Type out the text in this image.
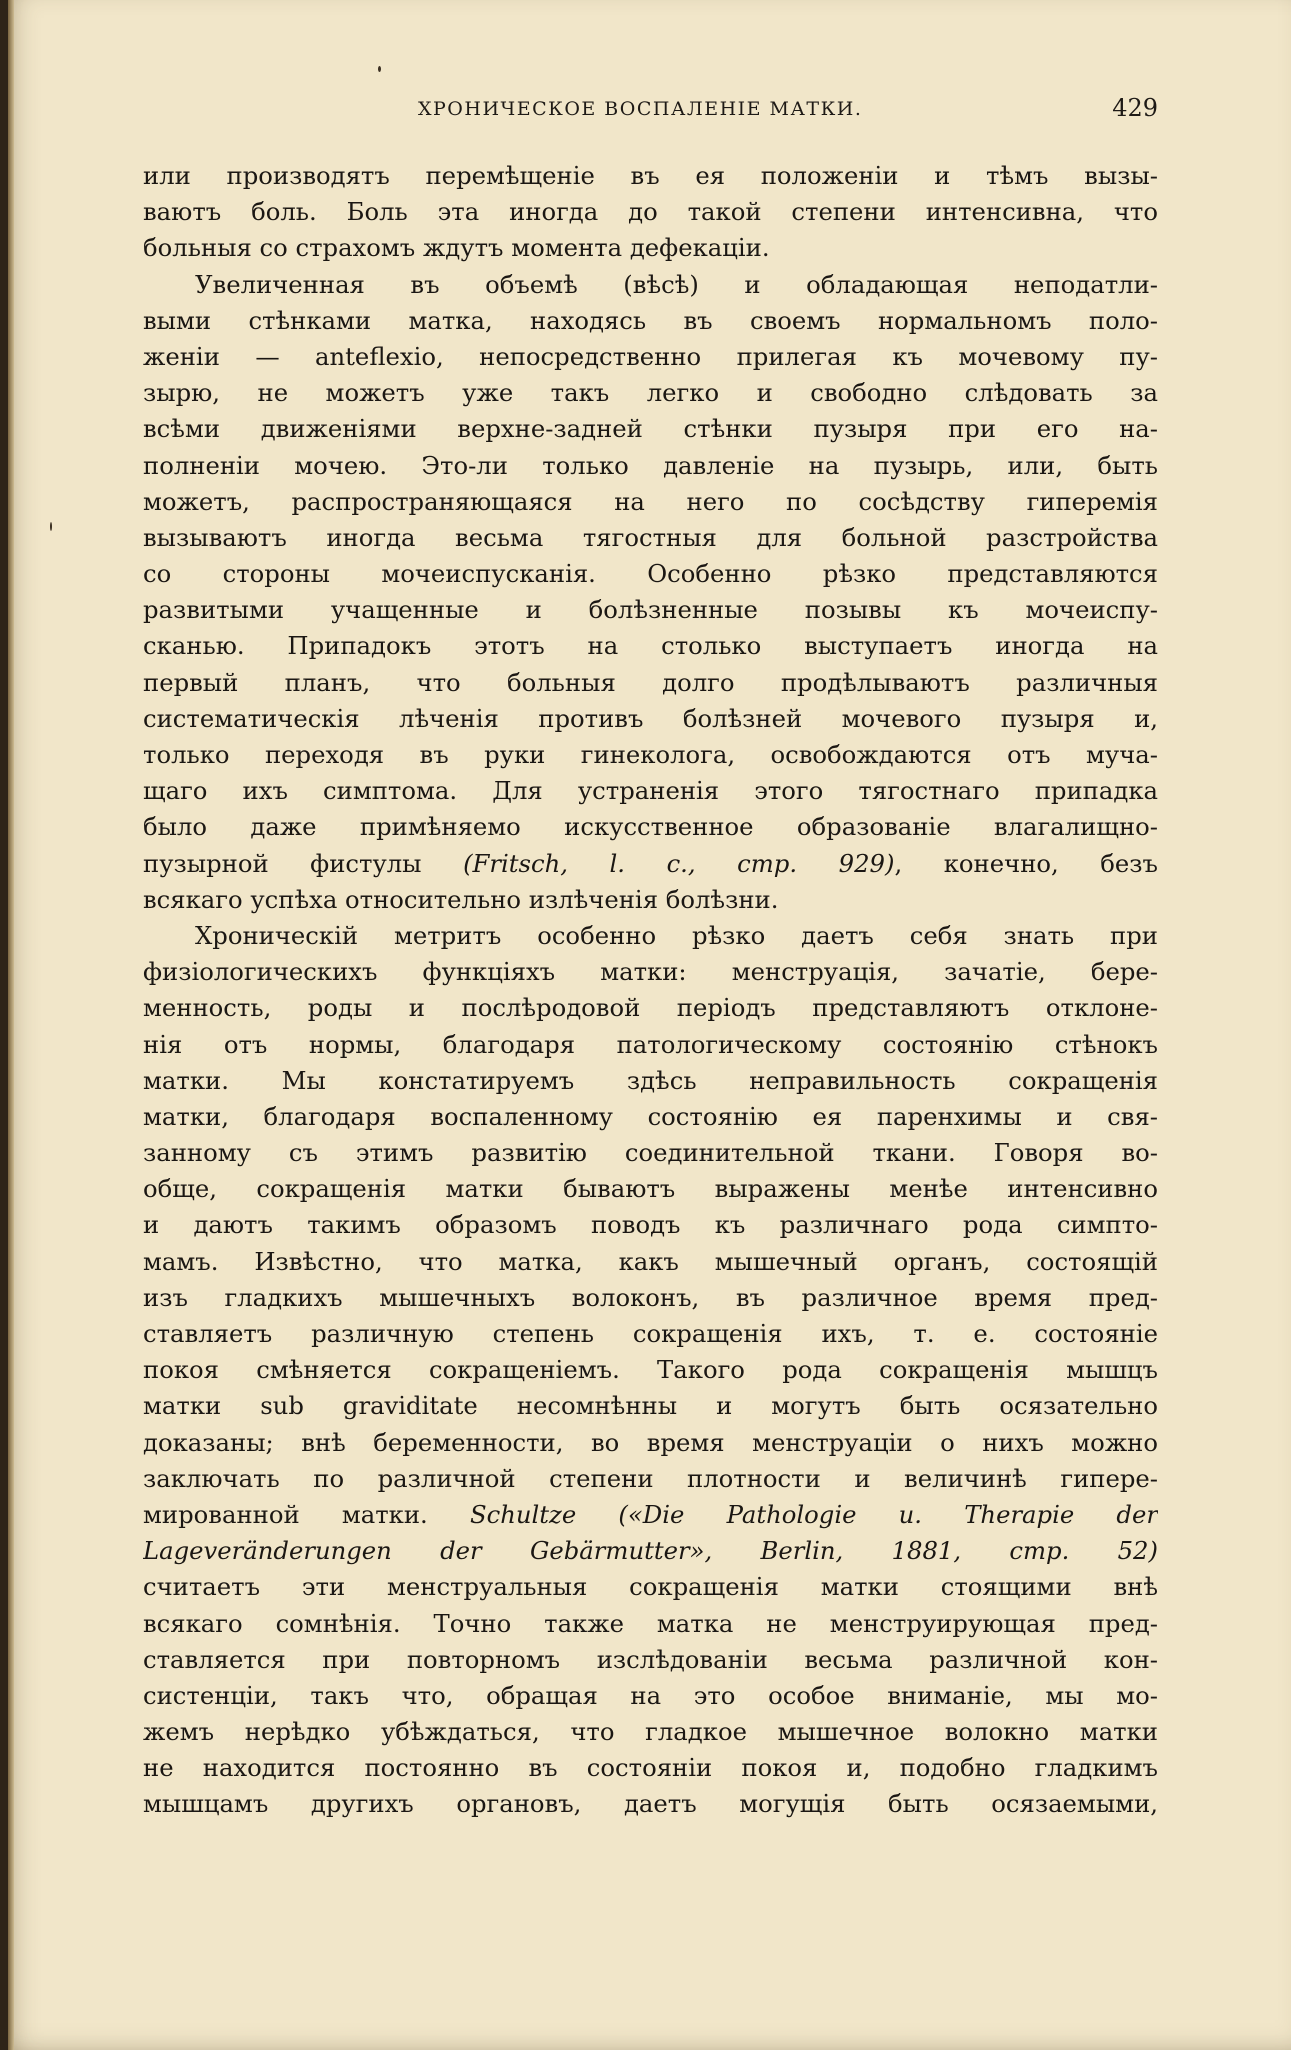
ХРОНИЧЕСКОЕ ВОСПАЛЕНІЕ МАТКИ.	429
или производятъ перемѣщеніе въ ея положеніи и тѣмъ вызы-
ваютъ боль. Боль эта иногда до такой степени интенсивна, что
больныя со страхомъ ждутъ момента дефекаціи.
Увеличенная въ объемѣ (вѣсѣ) и обладающая неподатли-
выми стѣнками матка, находясь въ своемъ нормальномъ поло-
женіи — anteflexio, непосредственно прилегая къ мочевому пу-
зырю, не можетъ уже такъ легко и свободно слѣдовать за
всѣми движеніями верхне-задней стѣнки пузыря при его на-
полненіи мочею. Это-ли только давленіе на пузырь, или, быть
можетъ, распространяющаяся на него по сосѣдству гиперемія
вызываютъ иногда весьма тягостныя для больной разстройства
со стороны мочеиспусканія. Особенно рѣзко представляются
развитыми учащенные и болѣзненные позывы къ мочеиспу-
сканью. Припадокъ этотъ на столько выступаетъ иногда на
первый планъ, что больныя долго продѣлываютъ различныя
систематическія лѣченія противъ болѣзней мочевого пузыря и,
только переходя въ руки гинеколога, освобождаются отъ муча-
щаго ихъ симптома. Для устраненія этого тягостнаго припадка
было даже примѣняемо искусственное образованіе влагалищно-
пузырной фистулы (Fritsch, l. c., стр. 929), конечно, безъ
всякаго успѣха относительно излѣченія болѣзни.
Хроническій метритъ особенно рѣзко даетъ себя знать при
физіологическихъ функціяхъ матки: менструація, зачатіе, бере-
менность, роды и послѣродовой періодъ представляютъ отклоне-
нія отъ нормы, благодаря патологическому состоянію стѣнокъ
матки. Мы констатируемъ здѣсь неправильность сокращенія
матки, благодаря воспаленному состоянію ея паренхимы и свя-
занному съ этимъ развитію соединительной ткани. Говоря во-
обще, сокращенія матки бываютъ выражены менѣе интенсивно
и даютъ такимъ образомъ поводъ къ различнаго рода симпто-
мамъ. Извѣстно, что матка, какъ мышечный органъ, состоящій
изъ гладкихъ мышечныхъ волоконъ, въ различное время пред-
ставляетъ различную степень сокращенія ихъ, т. е. состояніе
покоя смѣняется сокращеніемъ. Такого рода сокращенія мышцъ
матки sub graviditate несомнѣнны и могутъ быть осязательно
доказаны; внѣ беременности, во время менструаціи о нихъ можно
заключать по различной степени плотности и величинѣ гипере-
мированной матки. Schultze («Die Pathologie u. Therapie der
Lageveränderungen der Gebärmutter», Berlin, 1881, стр. 52)
считаетъ эти менструальныя сокращенія матки стоящими внѣ
всякаго сомнѣнія. Точно также матка не менструирующая пред-
ставляется при повторномъ изслѣдованіи весьма различной кон-
систенціи, такъ что, обращая на это особое вниманіе, мы мо-
жемъ нерѣдко убѣждаться, что гладкое мышечное волокно матки
не находится постоянно въ состояніи покоя и, подобно гладкимъ
мышцамъ другихъ органовъ, даетъ могущія быть осязаемыми,
